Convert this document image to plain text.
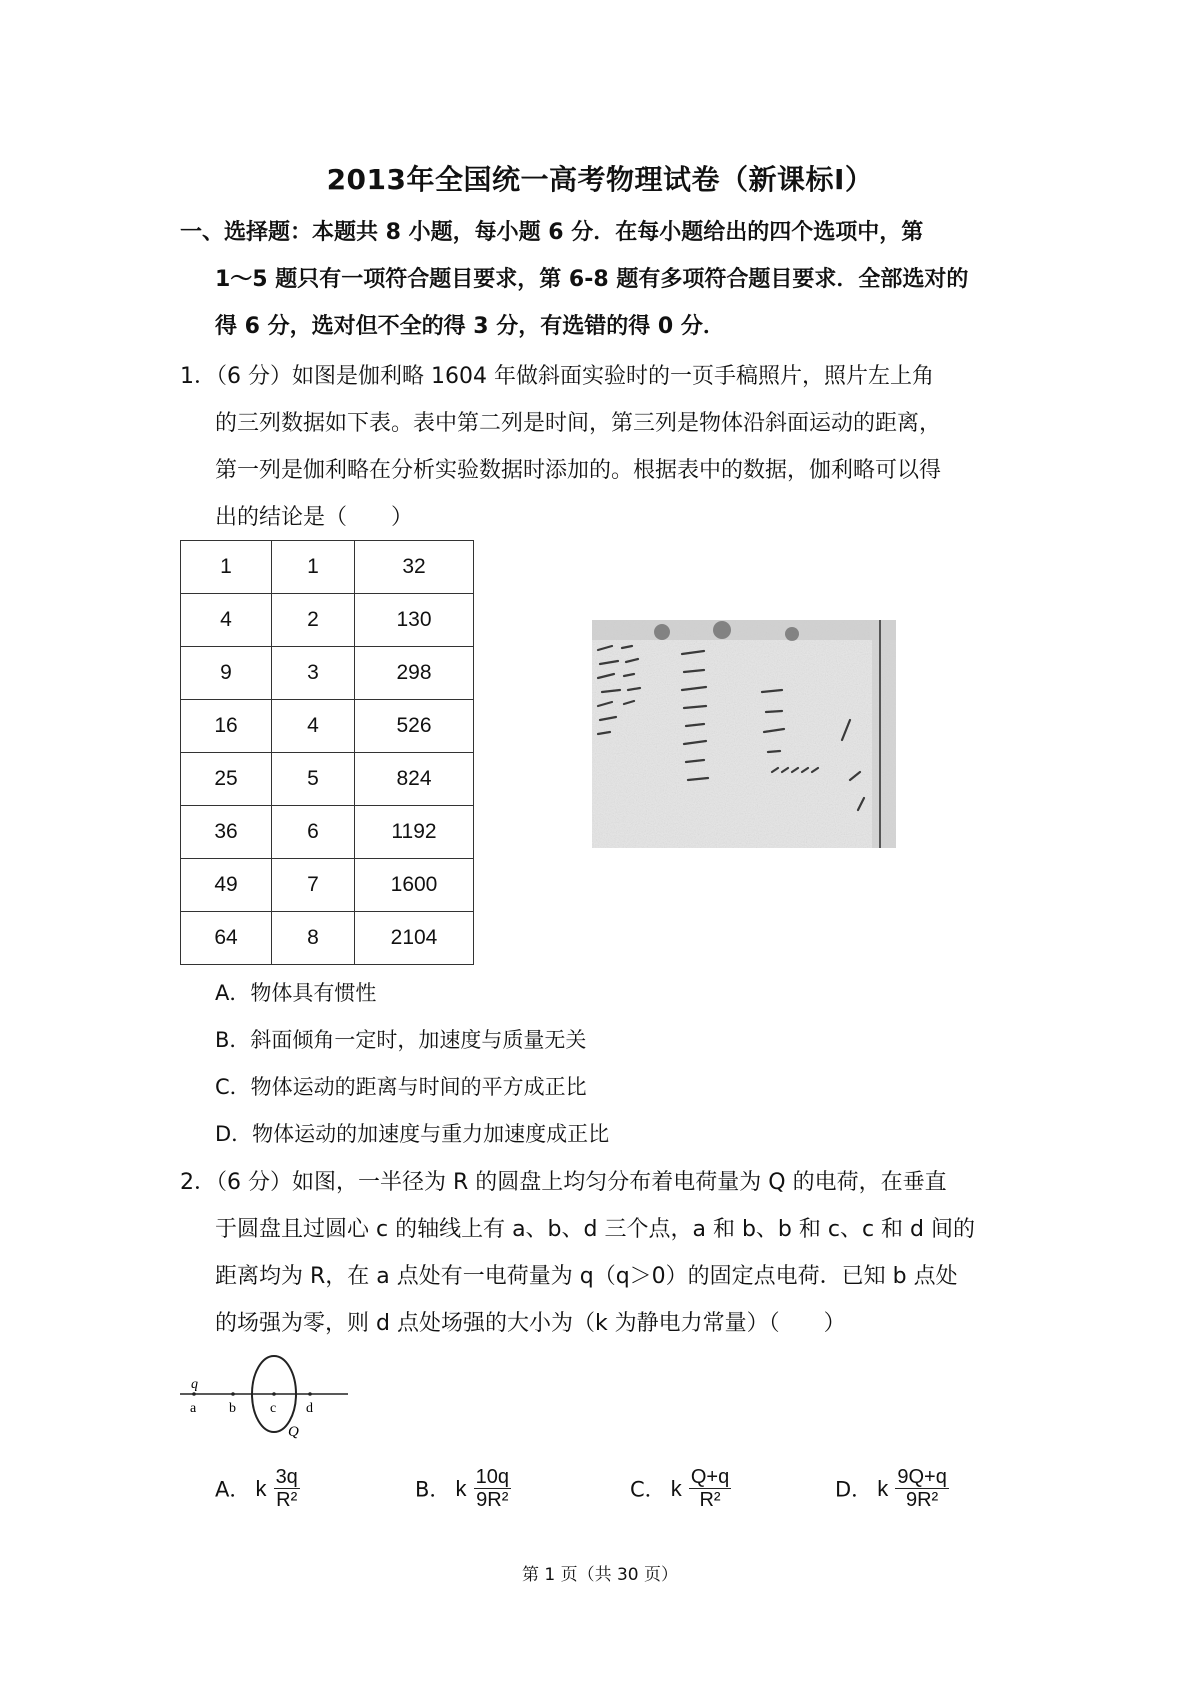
2013年全国统一高考物理试卷（新课标Ⅰ）
一、选择题：本题共 8 小题，每小题 6 分．在每小题给出的四个选项中，第
1～5 题只有一项符合题目要求，第 6-8 题有多项符合题目要求．全部选对的
得 6 分，选对但不全的得 3 分，有选错的得 0 分．
1．（6 分）如图是伽利略 1604 年做斜面实验时的一页手稿照片，照片左上角
的三列数据如下表。表中第二列是时间，第三列是物体沿斜面运动的距离，
第一列是伽利略在分析实验数据时添加的。根据表中的数据，伽利略可以得
出的结论是（　　）
1	1	32
4	2	130
9	3	298
16	4	526
25	5	824
36	6	1192
49	7	1600
64	8	2104
A．物体具有惯性
B．斜面倾角一定时，加速度与质量无关
C．物体运动的距离与时间的平方成正比
D．物体运动的加速度与重力加速度成正比
2．（6 分）如图，一半径为 R 的圆盘上均匀分布着电荷量为 Q 的电荷，在垂直
于圆盘且过圆心 c 的轴线上有 a、b、d 三个点，a 和 b、b 和 c、c 和 d 间的
距离均为 R，在 a 点处有一电荷量为 q（q＞0）的固定点电荷．已知 b 点处
的场强为零，则 d 点处场强的大小为（k 为静电力常量）（　　）
q
a b c d
Q
A． k $\frac{3q}{\text{R²}}$	B． k $\frac{10q}{\text{9R²}}$	C． k $\frac{Q+q}{\text{R²}}$	D． k $\frac{9Q+q}{\text{9R²}}$
第 1 页（共 30 页）
